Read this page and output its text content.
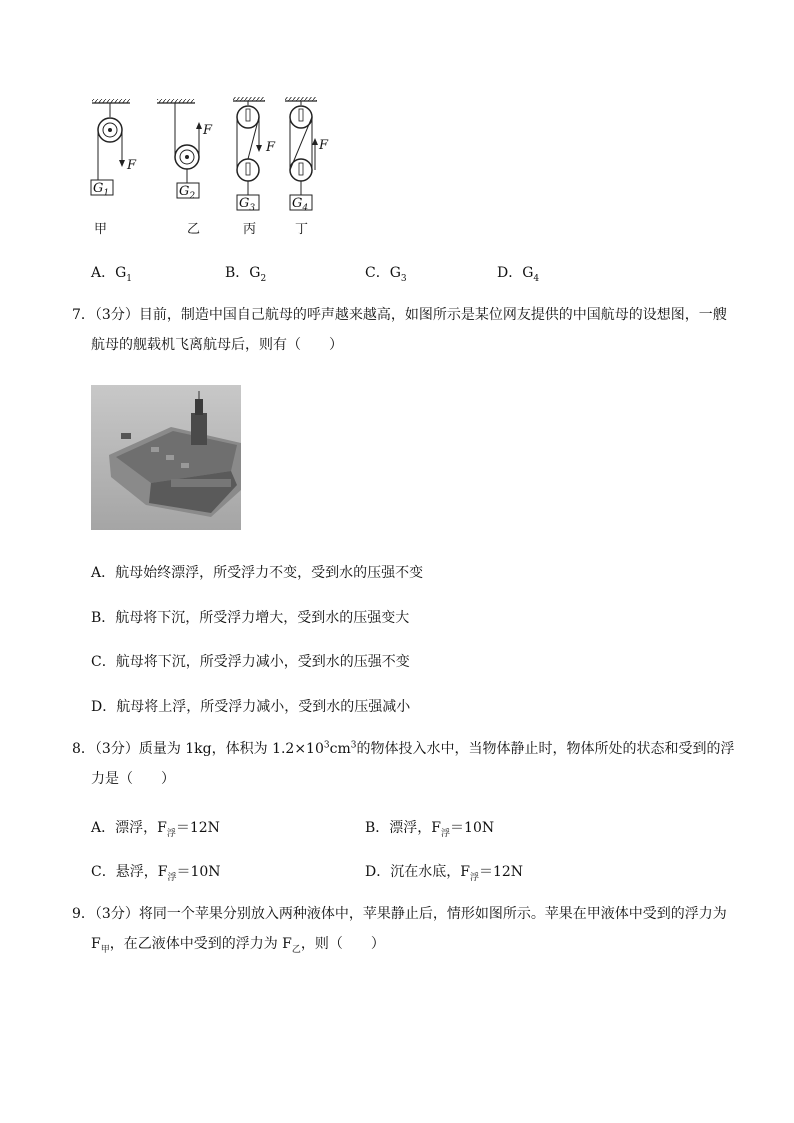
$G_1$	$G_2$	$G_3$	$G_4$
F
F
F	F
甲	乙	丙	丁
A．$G_1$	B．$G_2$	C．$G_3$	D．$G_4$
7．（3分）目前，制造中国自己航母的呼声越来越高，如图所示是某位网友提供的中国航母的设想图，一艘
航母的舰载机飞离航母后，则有（　　）
A．航母始终漂浮，所受浮力不变，受到水的压强不变
B．航母将下沉，所受浮力增大，受到水的压强变大
C．航母将下沉，所受浮力减小，受到水的压强不变
D．航母将上浮，所受浮力减小，受到水的压强减小
8．（3分）质量为 1kg，体积为 $1.2\times 10^3cm^3$的物体投入水中，当物体静止时，物体所处的状态和受到的浮
力是（　　）
A．漂浮，$F_浮=12N$	B．漂浮，$F_浮=10N$
C．悬浮，$F_浮=10N$	D．沉在水底，$F_浮=12N$
9．（3分）将同一个苹果分别放入两种液体中，苹果静止后，情形如图所示。苹果在甲液体中受到的浮力为
$F_甲$，在乙液体中受到的浮力为 $F_乙$，则（　　）
